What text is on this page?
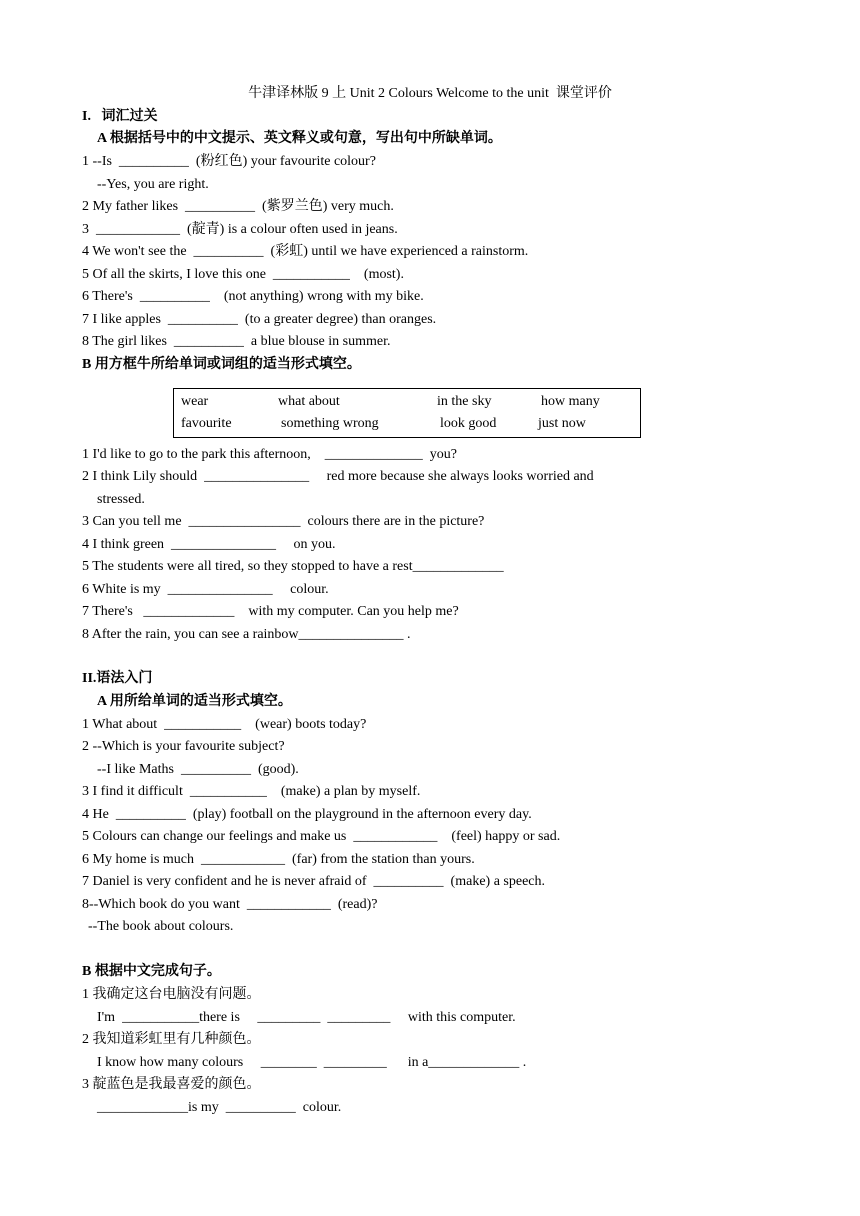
牛津译林版 9 上 Unit 2 Colours Welcome to the unit  课堂评价
I.   词汇过关
A 根据括号中的中文提示、英文释义或句意，写出句中所缺单词。
1 --Is  __________  (粉红色) your favourite colour?
--Yes, you are right.
2 My father likes  __________  (紫罗兰色) very much.
3  ____________  (靛青) is a colour often used in jeans.
4 We won't see the  __________  (彩虹) until we have experienced a rainstorm.
5 Of all the skirts, I love this one  ___________    (most).
6 There's  __________    (not anything) wrong with my bike.
7 I like apples  __________  (to a greater degree) than oranges.
8 The girl likes  __________  a blue blouse in summer.
B 用方框牛所给单词或词组的适当形式填空。
wear	what about	in the sky	how many
favourite	something wrong	look good	just now
1 I'd like to go to the park this afternoon,    ______________  you?
2 I think Lily should  _______________     red more because she always looks worried and
stressed.
3 Can you tell me  ________________  colours there are in the picture?
4 I think green  _______________     on you.
5 The students were all tired, so they stopped to have a rest_____________
6 White is my  _______________     colour.
7 There's   _____________    with my computer. Can you help me?
8 After the rain, you can see a rainbow_______________ .
II.语法入门
A 用所给单词的适当形式填空。
1 What about  ___________    (wear) boots today?
2 --Which is your favourite subject?
--I like Maths  __________  (good).
3 I find it difficult  ___________    (make) a plan by myself.
4 He  __________  (play) football on the playground in the afternoon every day.
5 Colours can change our feelings and make us  ____________    (feel) happy or sad.
6 My home is much  ____________  (far) from the station than yours.
7 Daniel is very confident and he is never afraid of  __________  (make) a speech.
8--Which book do you want  ____________  (read)?
--The book about colours.
B 根据中文完成句子。
1 我确定这台电脑没有问题。
I'm  ___________there is     _________  _________     with this computer.
2 我知道彩虹里有几种颜色。
I know how many colours     ________  _________      in a_____________ .
3 靛蓝色是我最喜爱的颜色。
_____________is my  __________  colour.
